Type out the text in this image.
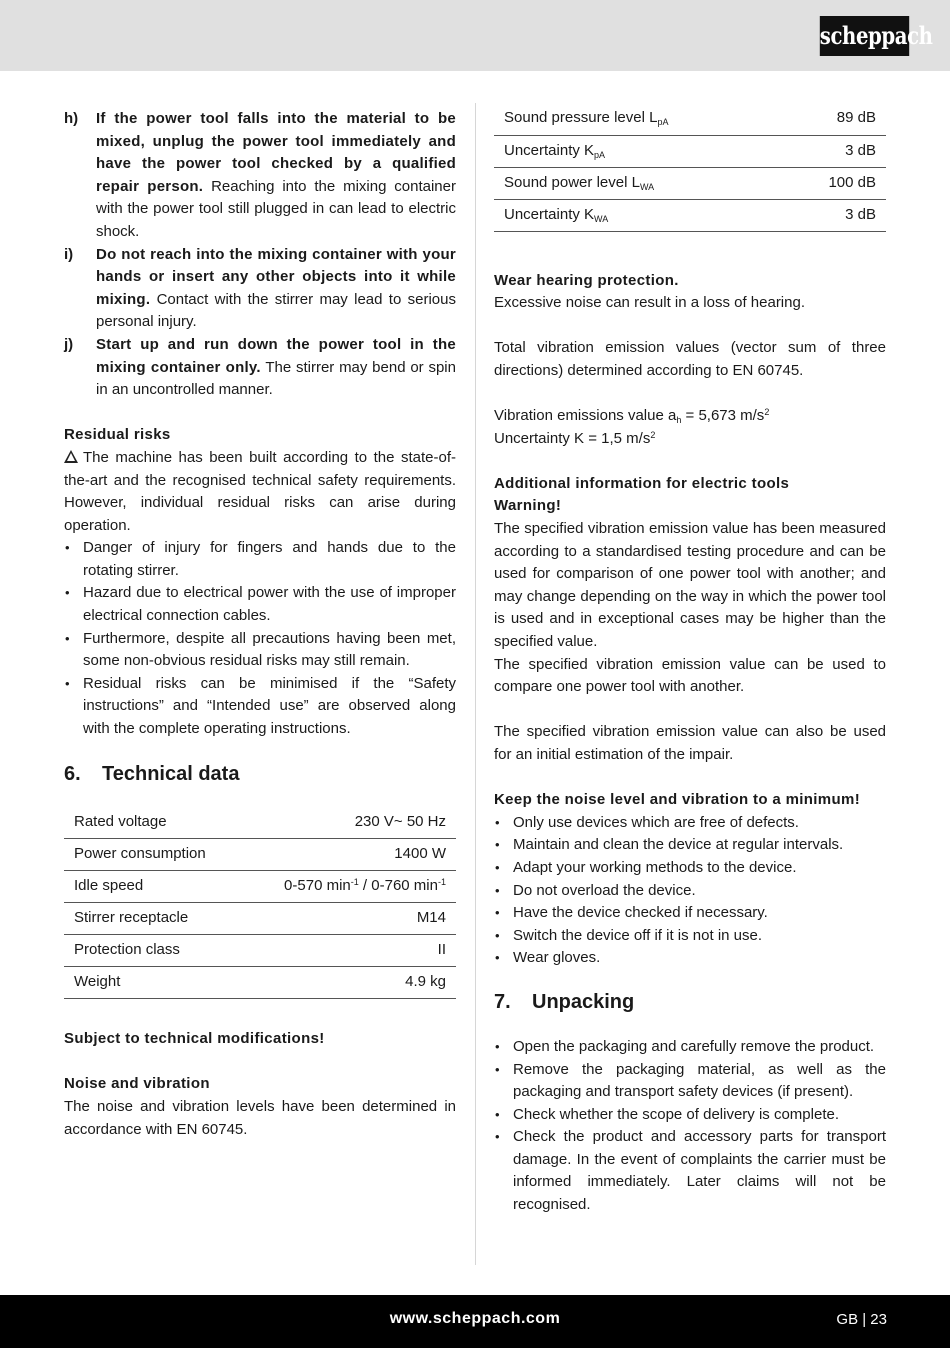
scheppach
h)	If the power tool falls into the material to be mixed, unplug the power tool immediately and have the power tool checked by a qualified repair person. Reaching into the mixing container with the power tool still plugged in can lead to electric shock.
i)	Do not reach into the mixing container with your hands or insert any other objects into it while mixing. Contact with the stirrer may lead to serious personal injury.
j)	Start up and run down the power tool in the mixing container only. The stirrer may bend or spin in an uncontrolled manner.
Residual risks

The machine has been built according to the state-of-the-art and the recognised technical safety requirements. However, individual residual risks can arise during operation.

• Danger of injury for fingers and hands due to the rotating stirrer.
• Hazard due to electrical power with the use of improper electrical connection cables.
• Furthermore, despite all precautions having been met, some non-obvious residual risks may still remain.
• Residual risks can be minimised if the “Safety instructions” and “Intended use” are observed along with the complete operating instructions.
6.	Technical data
Rated voltage	230 V~ 50 Hz
Power consumption	1400 W
Idle speed	0-570 $\min^{-1} / 0-760$ $\min^{-1}$
Stirrer receptacle	M14
Protection class	II
Weight	4.9 kg
Subject to technical modifications!
Noise and vibration

The noise and vibration levels have been determined in accordance with EN 60745.

Sound pressure level $L_{pA}$	89 dB
Uncertainty $K_{pA}$	3 dB
Sound power level $L_{WA}$	100 dB
Uncertainty $K_{WA}$	3 dB
Wear hearing protection.

Excessive noise can result in a loss of hearing.

Total vibration emission values (vector sum of three directions) determined according to EN 60745.

Vibration emissions value $a_h = 5,673$ $m/s^2$

Uncertainty K = 1,5 $m/s^2$

Additional information for electric tools
Warning!

The specified vibration emission value has been measured according to a standardised testing procedure and can be used for comparison of one power tool with another; and may change depending on the way in which the power tool is used and in exceptional cases may be higher than the specified value.

The specified vibration emission value can be used to compare one power tool with another.

The specified vibration emission value can also be used for an initial estimation of the impair.

Keep the noise level and vibration to a minimum!
• Only use devices which are free of defects.
• Maintain and clean the device at regular intervals.
• Adapt your working methods to the device.
• Do not overload the device.
• Have the device checked if necessary.
• Switch the device off if it is not in use.
• Wear gloves.
7.	Unpacking
• Open the packaging and carefully remove the product.
• Remove the packaging material, as well as the packaging and transport safety devices (if present).
• Check whether the scope of delivery is complete.
• Check the product and accessory parts for transport damage. In the event of complaints the carrier must be informed immediately. Later claims will not be recognised.
www.scheppach.com	GB | 23
